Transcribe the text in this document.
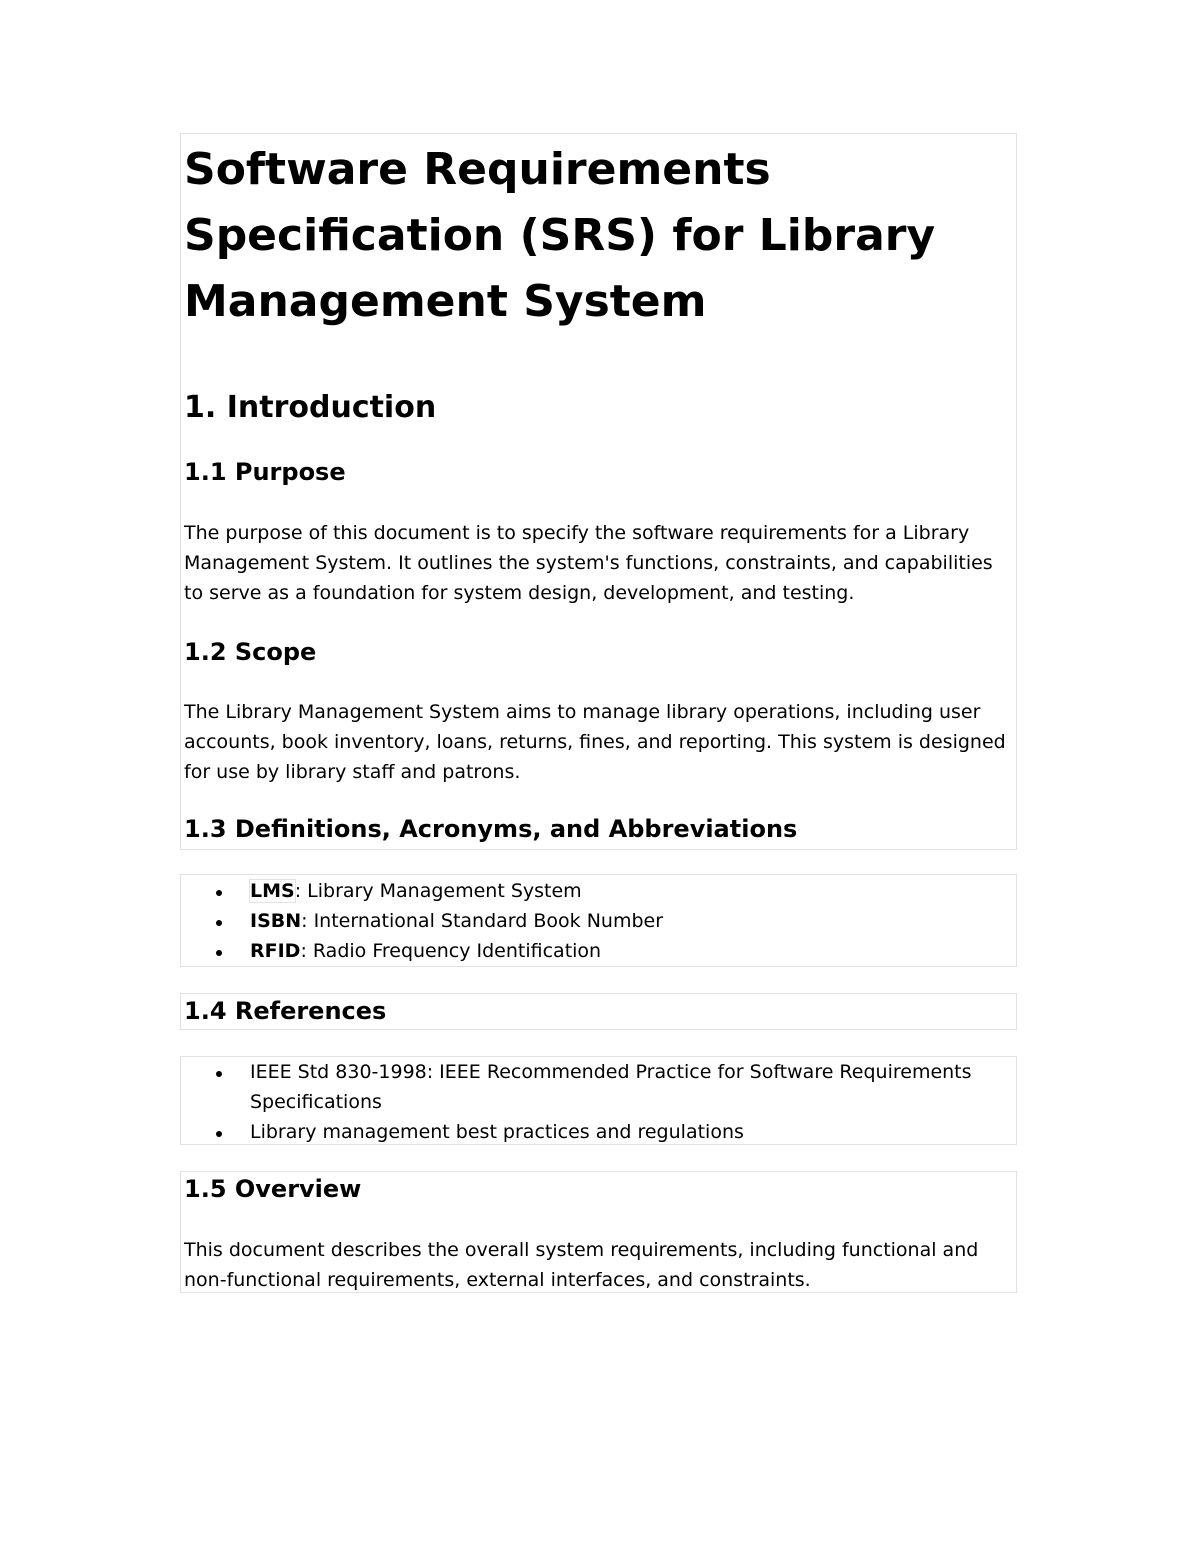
Software Requirements
Specification (SRS) for Library
Management System
1. Introduction
1.1 Purpose
The purpose of this document is to specify the software requirements for a Library
Management System. It outlines the system's functions, constraints, and capabilities
to serve as a foundation for system design, development, and testing.
1.2 Scope
The Library Management System aims to manage library operations, including user
accounts, book inventory, loans, returns, fines, and reporting. This system is designed
for use by library staff and patrons.
1.3 Definitions, Acronyms, and Abbreviations
LMS: Library Management System
ISBN: International Standard Book Number
RFID: Radio Frequency Identification
1.4 References
IEEE Std 830-1998: IEEE Recommended Practice for Software Requirements
Specifications
Library management best practices and regulations
1.5 Overview
This document describes the overall system requirements, including functional and
non-functional requirements, external interfaces, and constraints.
